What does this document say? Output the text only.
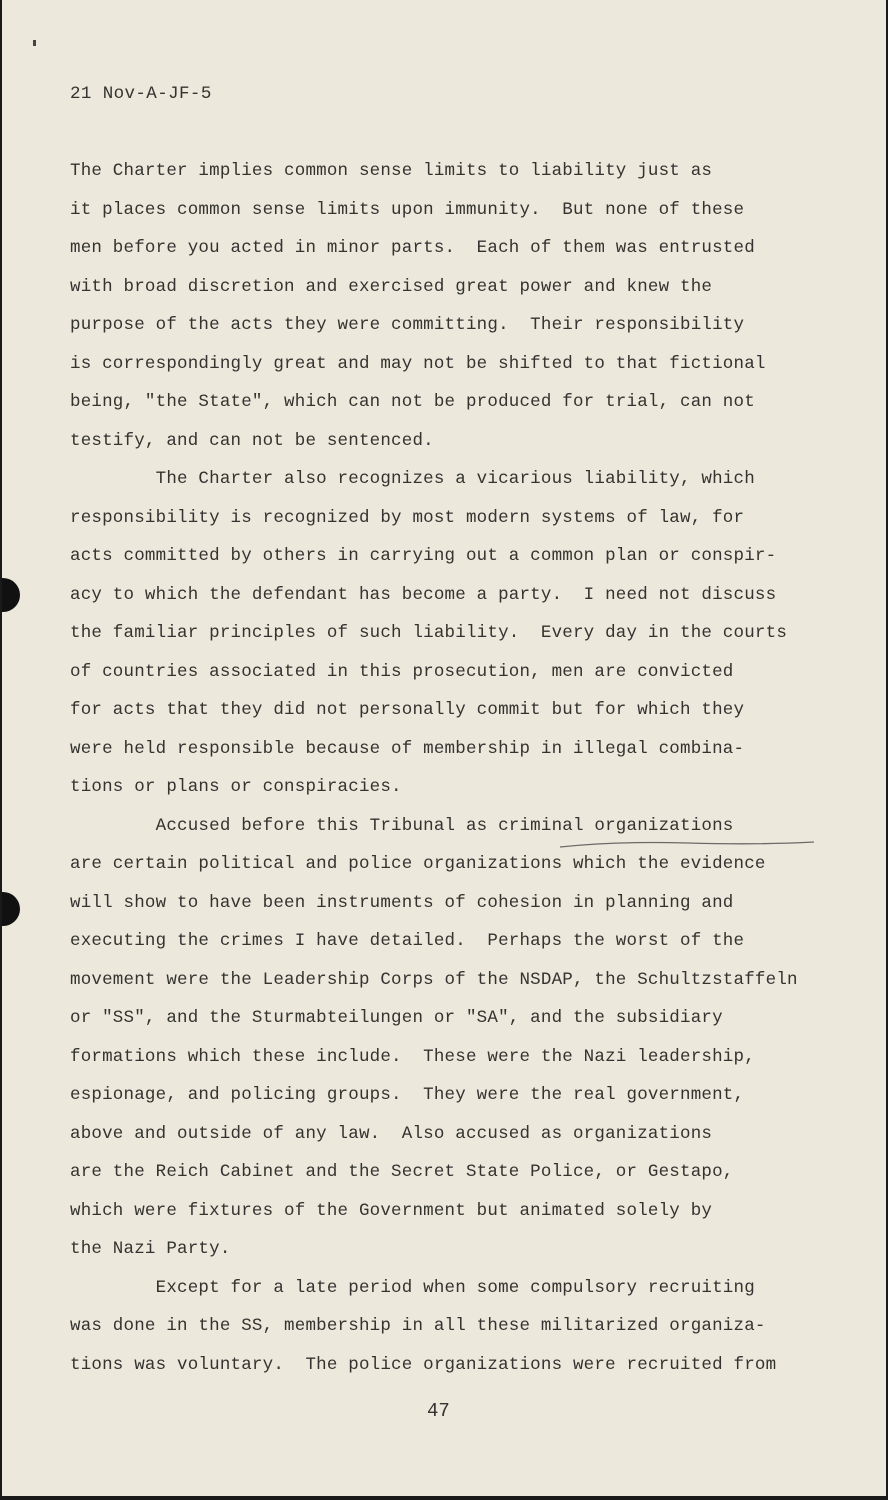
21 Nov-A-JF-5
The Charter implies common sense limits to liability just as
it places common sense limits upon immunity.  But none of these
men before you acted in minor parts.  Each of them was entrusted
with broad discretion and exercised great power and knew the
purpose of the acts they were committing.  Their responsibility
is correspondingly great and may not be shifted to that fictional
being, "the State", which can not be produced for trial, can not
testify, and can not be sentenced.
The Charter also recognizes a vicarious liability, which
responsibility is recognized by most modern systems of law, for
acts committed by others in carrying out a common plan or conspir-
acy to which the defendant has become a party.  I need not discuss
the familiar principles of such liability.  Every day in the courts
of countries associated in this prosecution, men are convicted
for acts that they did not personally commit but for which they
were held responsible because of membership in illegal combina-
tions or plans or conspiracies.
Accused before this Tribunal as criminal organizations
are certain political and police organizations which the evidence
will show to have been instruments of cohesion in planning and
executing the crimes I have detailed.  Perhaps the worst of the
movement were the Leadership Corps of the NSDAP, the Schultzstaffeln
or "SS", and the Sturmabteilungen or "SA", and the subsidiary
formations which these include.  These were the Nazi leadership,
espionage, and policing groups.  They were the real government,
above and outside of any law.  Also accused as organizations
are the Reich Cabinet and the Secret State Police, or Gestapo,
which were fixtures of the Government but animated solely by
the Nazi Party.
Except for a late period when some compulsory recruiting
was done in the SS, membership in all these militarized organiza-
tions was voluntary.  The police organizations were recruited from
47
